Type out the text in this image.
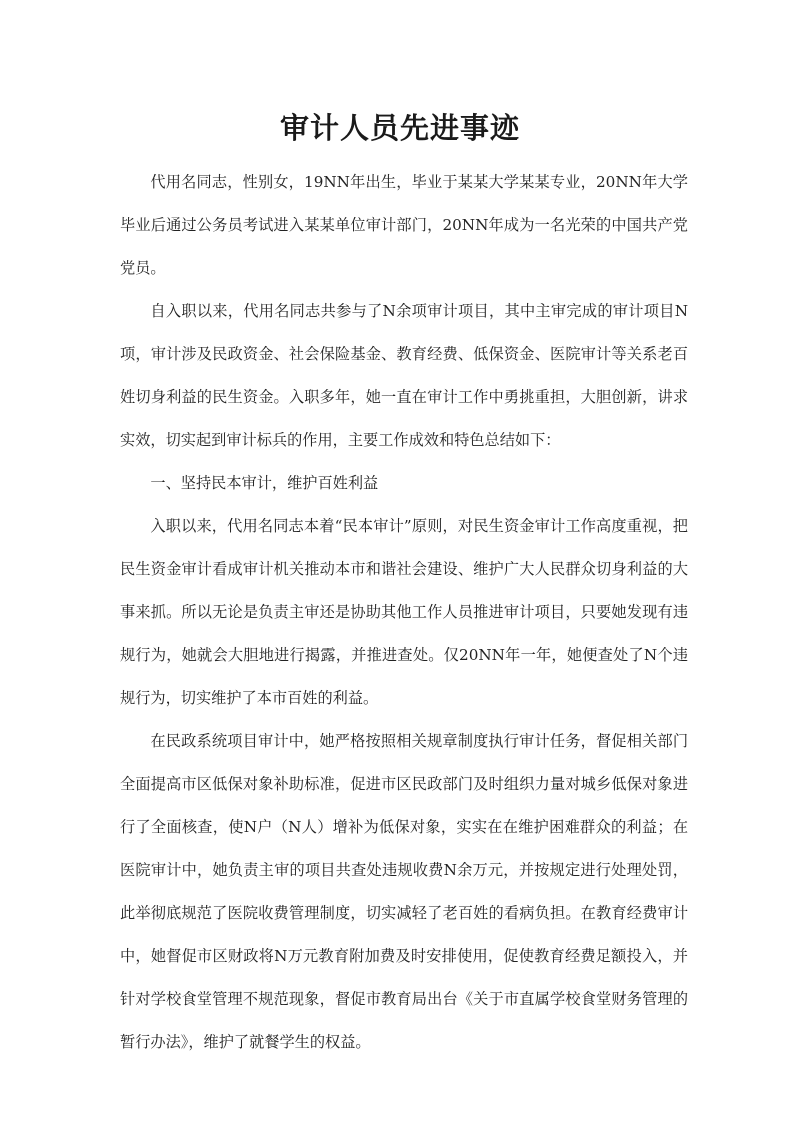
审计人员先进事迹

代用名同志，性别女，19NN年出生，毕业于某某大学某某专业，20NN年大学毕业后通过公务员考试进入某某单位审计部门，20NN年成为一名光荣的中国共产党党员。

自入职以来，代用名同志共参与了N余项审计项目，其中主审完成的审计项目N项，审计涉及民政资金、社会保险基金、教育经费、低保资金、医院审计等关系老百姓切身利益的民生资金。入职多年，她一直在审计工作中勇挑重担，大胆创新，讲求实效，切实起到审计标兵的作用，主要工作成效和特色总结如下：

一、坚持民本审计，维护百姓利益

入职以来，代用名同志本着“民本审计”原则，对民生资金审计工作高度重视，把民生资金审计看成审计机关推动本市和谐社会建设、维护广大人民群众切身利益的大事来抓。所以无论是负责主审还是协助其他工作人员推进审计项目，只要她发现有违规行为，她就会大胆地进行揭露，并推进查处。仅20NN年一年，她便查处了N个违规行为，切实维护了本市百姓的利益。

在民政系统项目审计中，她严格按照相关规章制度执行审计任务，督促相关部门全面提高市区低保对象补助标准，促进市区民政部门及时组织力量对城乡低保对象进行了全面核查，使N户（N人）增补为低保对象，实实在在维护困难群众的利益；在医院审计中，她负责主审的项目共查处违规收费N余万元，并按规定进行处理处罚，此举彻底规范了医院收费管理制度，切实减轻了老百姓的看病负担。在教育经费审计中，她督促市区财政将N万元教育附加费及时安排使用，促使教育经费足额投入，并针对学校食堂管理不规范现象，督促市教育局出台《关于市直属学校食堂财务管理的暂行办法》，维护了就餐学生的权益。
